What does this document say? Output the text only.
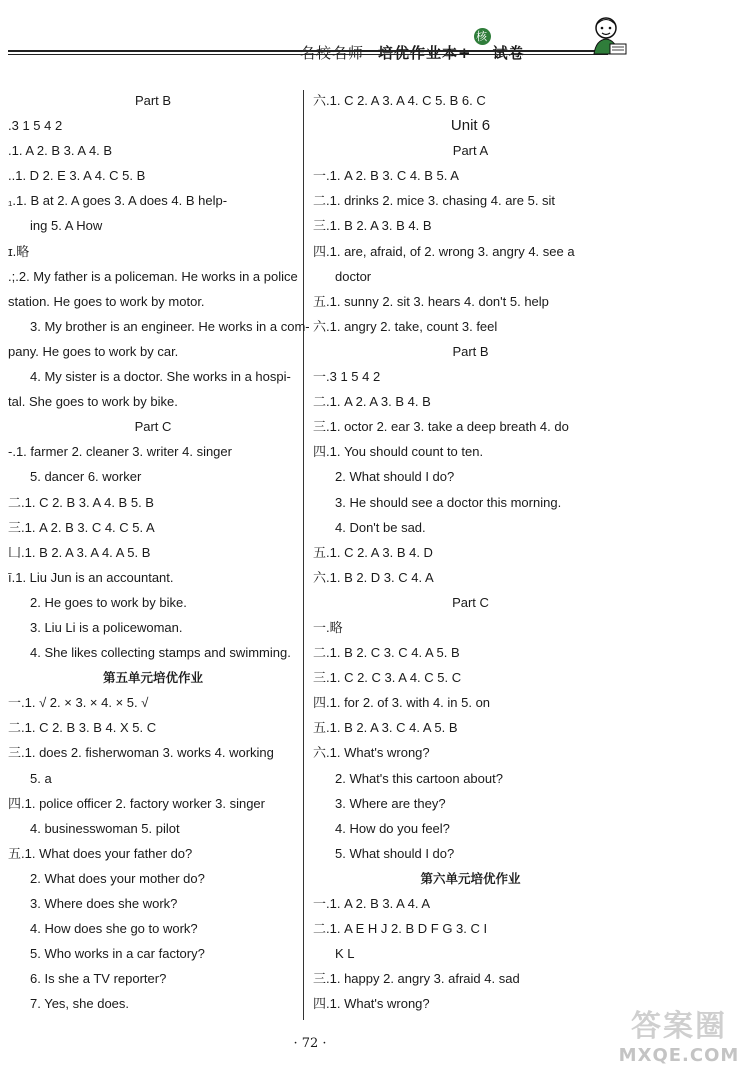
名校名师 培优作业本+核心 试卷
Part B
.3 1 5 4 2
.1. A 2. B 3. A 4. B
..1. D 2. E 3. A 4. C 5. B
₁.1. B at 2. A goes 3. A does 4. B help-
ing 5. A How
ɪ.略
.;.2. My father is a policeman. He works in a police
station. He goes to work by motor.
3. My brother is an engineer. He works in a com-
pany. He goes to work by car.
4. My sister is a doctor. She works in a hospi-
tal. She goes to work by bike.
Part C
-.1. farmer 2. cleaner 3. writer 4. singer
5. dancer 6. worker
二.1. C 2. B 3. A 4. B 5. B
三.1. A 2. B 3. C 4. C 5. A
凵.1. B 2. A 3. A 4. A 5. B
ī.1. Liu Jun is an accountant.
2. He goes to work by bike.
3. Liu Li is a policewoman.
4. She likes collecting stamps and swimming.
第五单元培优作业
一.1. √ 2. × 3. × 4. × 5. √
二.1. C 2. B 3. B 4. X 5. C
三.1. does 2. fisherwoman 3. works 4. working
5. a
四.1. police officer 2. factory worker 3. singer
4. businesswoman 5. pilot
五.1. What does your father do?
2. What does your mother do?
3. Where does she work?
4. How does she go to work?
5. Who works in a car factory?
6. Is she a TV reporter?
7. Yes, she does.
六.1. C 2. A 3. A 4. C 5. B 6. C
Unit 6
Part A
一.1. A 2. B 3. C 4. B 5. A
二.1. drinks 2. mice 3. chasing 4. are 5. sit
三.1. B 2. A 3. B 4. B
四.1. are, afraid, of 2. wrong 3. angry 4. see a
doctor
五.1. sunny 2. sit 3. hears 4. don't 5. help
六.1. angry 2. take, count 3. feel
Part B
一.3 1 5 4 2
二.1. A 2. A 3. B 4. B
三.1. octor 2. ear 3. take a deep breath 4. do
四.1. You should count to ten.
2. What should I do?
3. He should see a doctor this morning.
4. Don't be sad.
五.1. C 2. A 3. B 4. D
六.1. B 2. D 3. C 4. A
Part C
一.略
二.1. B 2. C 3. C 4. A 5. B
三.1. C 2. C 3. A 4. C 5. C
四.1. for 2. of 3. with 4. in 5. on
五.1. B 2. A 3. C 4. A 5. B
六.1. What's wrong?
2. What's this cartoon about?
3. Where are they?
4. How do you feel?
5. What should I do?
第六单元培优作业
一.1. A 2. B 3. A 4. A
二.1. A E H J 2. B D F G 3. C I
K L
三.1. happy 2. angry 3. afraid 4. sad
四.1. What's wrong?
· 72 ·	答案圈
MXQE.COM
